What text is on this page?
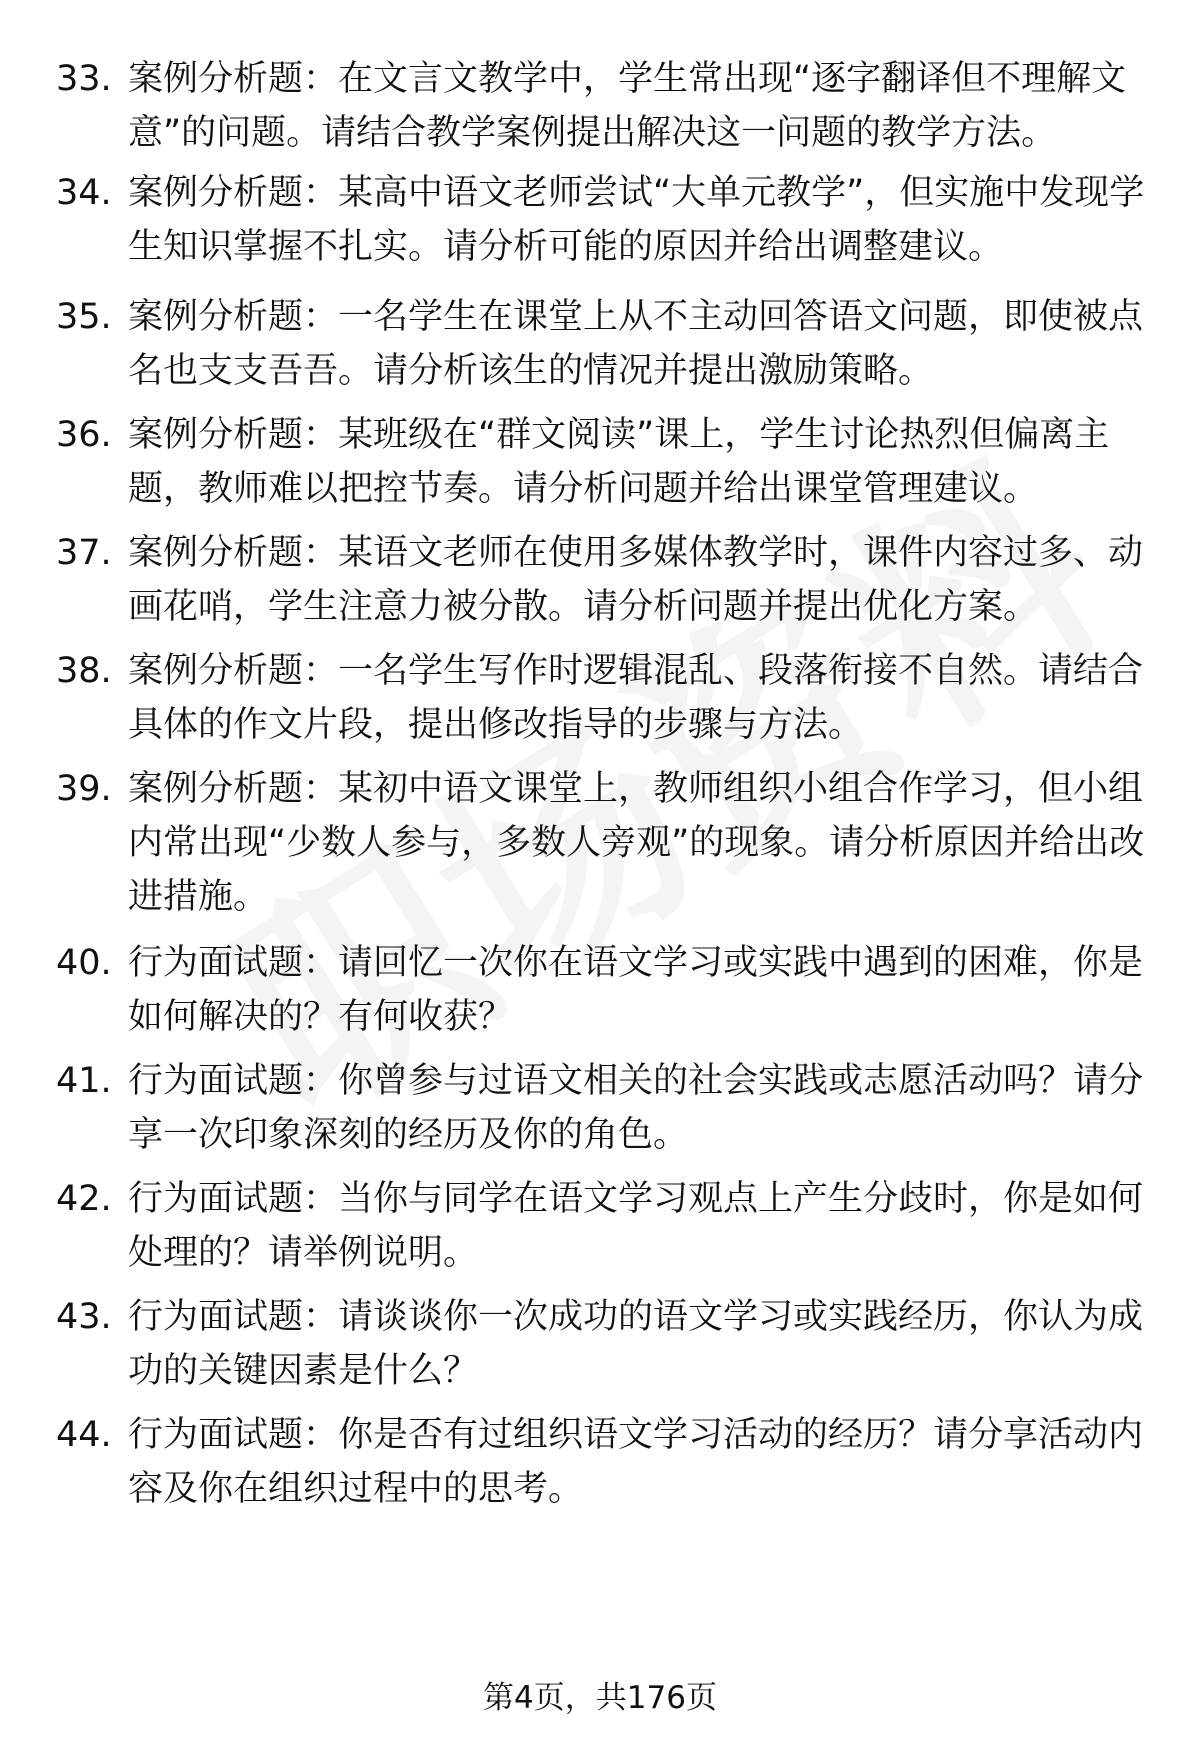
33. 案例分析题：在文言文教学中，学生常出现“逐字翻译但不理解文意”的问题。请结合教学案例提出解决这一问题的教学方法。
34. 案例分析题：某高中语文老师尝试“大单元教学”，但实施中发现学生知识掌握不扎实。请分析可能的原因并给出调整建议。
35. 案例分析题：一名学生在课堂上从不主动回答语文问题，即使被点名也支支吾吾。请分析该生的情况并提出激励策略。
36. 案例分析题：某班级在“群文阅读”课上，学生讨论热烈但偏离主题，教师难以把控节奏。请分析问题并给出课堂管理建议。
37. 案例分析题：某语文老师在使用多媒体教学时，课件内容过多、动画花哨，学生注意力被分散。请分析问题并提出优化方案。
38. 案例分析题：一名学生写作时逻辑混乱、段落衔接不自然。请结合具体的作文片段，提出修改指导的步骤与方法。
39. 案例分析题：某初中语文课堂上，教师组织小组合作学习，但小组内常出现“少数人参与，多数人旁观”的现象。请分析原因并给出改进措施。
40. 行为面试题：请回忆一次你在语文学习或实践中遇到的困难，你是如何解决的？有何收获？
41. 行为面试题：你曾参与过语文相关的社会实践或志愿活动吗？请分享一次印象深刻的经历及你的角色。
42. 行为面试题：当你与同学在语文学习观点上产生分歧时，你是如何处理的？请举例说明。
43. 行为面试题：请谈谈你一次成功的语文学习或实践经历，你认为成功的关键因素是什么？
44. 行为面试题：你是否有过组织语文学习活动的经历？请分享活动内容及你在组织过程中的思考。
第4页，共176页
